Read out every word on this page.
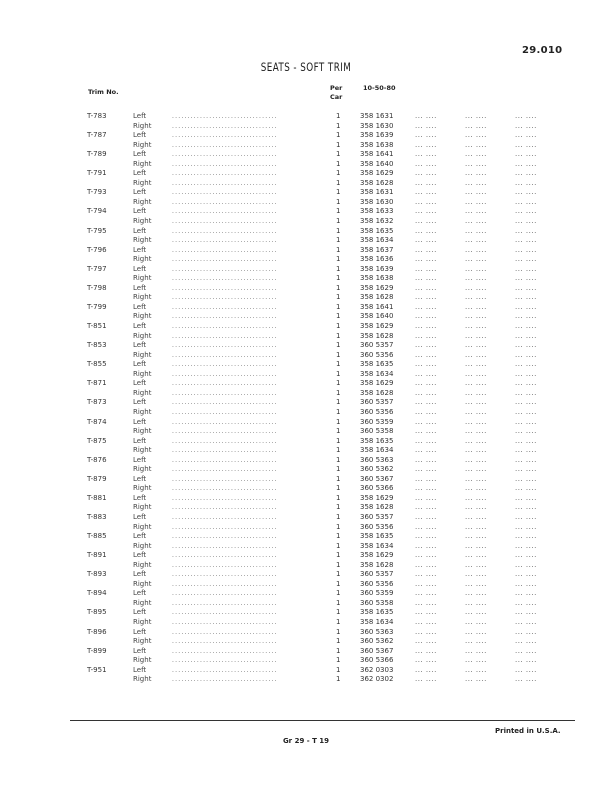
29.010
SEATS - SOFT TRIM
Trim No.	Per
Car
10-50-80
T-783	Left	..................................	1	358 1631	... ....	... ....	... ....
Right	..................................	1	358 1630	... ....	... ....	... ....
T-787	Left	..................................	1	358 1639	... ....	... ....	... ....
Right	..................................	1	358 1638	... ....	... ....	... ....
T-789	Left	..................................	1	358 1641	... ....	... ....	... ....
Right	..................................	1	358 1640	... ....	... ....	... ....
T-791	Left	..................................	1	358 1629	... ....	... ....	... ....
Right	..................................	1	358 1628	... ....	... ....	... ....
T-793	Left	..................................	1	358 1631	... ....	... ....	... ....
Right	..................................	1	358 1630	... ....	... ....	... ....
T-794	Left	..................................	1	358 1633	... ....	... ....	... ....
Right	..................................	1	358 1632	... ....	... ....	... ....
T-795	Left	..................................	1	358 1635	... ....	... ....	... ....
Right	..................................	1	358 1634	... ....	... ....	... ....
T-796	Left	..................................	1	358 1637	... ....	... ....	... ....
Right	..................................	1	358 1636	... ....	... ....	... ....
T-797	Left	..................................	1	358 1639	... ....	... ....	... ....
Right	..................................	1	358 1638	... ....	... ....	... ....
T-798	Left	..................................	1	358 1629	... ....	... ....	... ....
Right	..................................	1	358 1628	... ....	... ....	... ....
T-799	Left	..................................	1	358 1641	... ....	... ....	... ....
Right	..................................	1	358 1640	... ....	... ....	... ....
T-851	Left	..................................	1	358 1629	... ....	... ....	... ....
Right	..................................	1	358 1628	... ....	... ....	... ....
T-853	Left	..................................	1	360 5357	... ....	... ....	... ....
Right	..................................	1	360 5356	... ....	... ....	... ....
T-855	Left	..................................	1	358 1635	... ....	... ....	... ....
Right	..................................	1	358 1634	... ....	... ....	... ....
T-871	Left	..................................	1	358 1629	... ....	... ....	... ....
Right	..................................	1	358 1628	... ....	... ....	... ....
T-873	Left	..................................	1	360 5357	... ....	... ....	... ....
Right	..................................	1	360 5356	... ....	... ....	... ....
T-874	Left	..................................	1	360 5359	... ....	... ....	... ....
Right	..................................	1	360 5358	... ....	... ....	... ....
T-875	Left	..................................	1	358 1635	... ....	... ....	... ....
Right	..................................	1	358 1634	... ....	... ....	... ....
T-876	Left	..................................	1	360 5363	... ....	... ....	... ....
Right	..................................	1	360 5362	... ....	... ....	... ....
T-879	Left	..................................	1	360 5367	... ....	... ....	... ....
Right	..................................	1	360 5366	... ....	... ....	... ....
T-881	Left	..................................	1	358 1629	... ....	... ....	... ....
Right	..................................	1	358 1628	... ....	... ....	... ....
T-883	Left	..................................	1	360 5357	... ....	... ....	... ....
Right	..................................	1	360 5356	... ....	... ....	... ....
T-885	Left	..................................	1	358 1635	... ....	... ....	... ....
Right	..................................	1	358 1634	... ....	... ....	... ....
T-891	Left	..................................	1	358 1629	... ....	... ....	... ....
Right	..................................	1	358 1628	... ....	... ....	... ....
T-893	Left	..................................	1	360 5357	... ....	... ....	... ....
Right	..................................	1	360 5356	... ....	... ....	... ....
T-894	Left	..................................	1	360 5359	... ....	... ....	... ....
Right	..................................	1	360 5358	... ....	... ....	... ....
T-895	Left	..................................	1	358 1635	... ....	... ....	... ....
Right	..................................	1	358 1634	... ....	... ....	... ....
T-896	Left	..................................	1	360 5363	... ....	... ....	... ....
Right	..................................	1	360 5362	... ....	... ....	... ....
T-899	Left	..................................	1	360 5367	... ....	... ....	... ....
Right	..................................	1	360 5366	... ....	... ....	... ....
T-951	Left	..................................	1	362 0303	... ....	... ....	... ....
Right	..................................	1	362 0302	... ....	... ....	... ....
Printed in U.S.A.
Gr 29 - T 19
